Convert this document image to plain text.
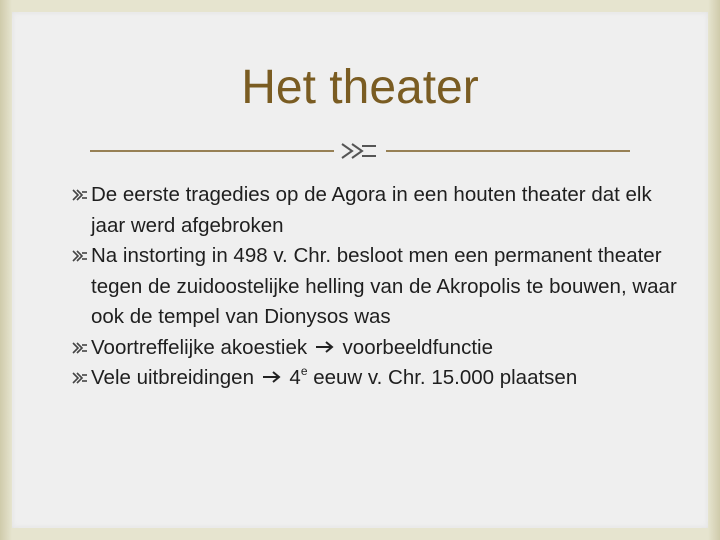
Het theater
De eerste tragedies op de Agora in een houten theater dat elk jaar werd afgebroken
Na instorting in 498 v. Chr. besloot men een permanent theater tegen de zuidoostelijke helling van de Akropolis te bouwen, waar ook de tempel van Dionysos was
Voortreffelijke akoestiek voorbeeldfunctie
Vele uitbreidingen 4e eeuw v. Chr. 15.000 plaatsen
